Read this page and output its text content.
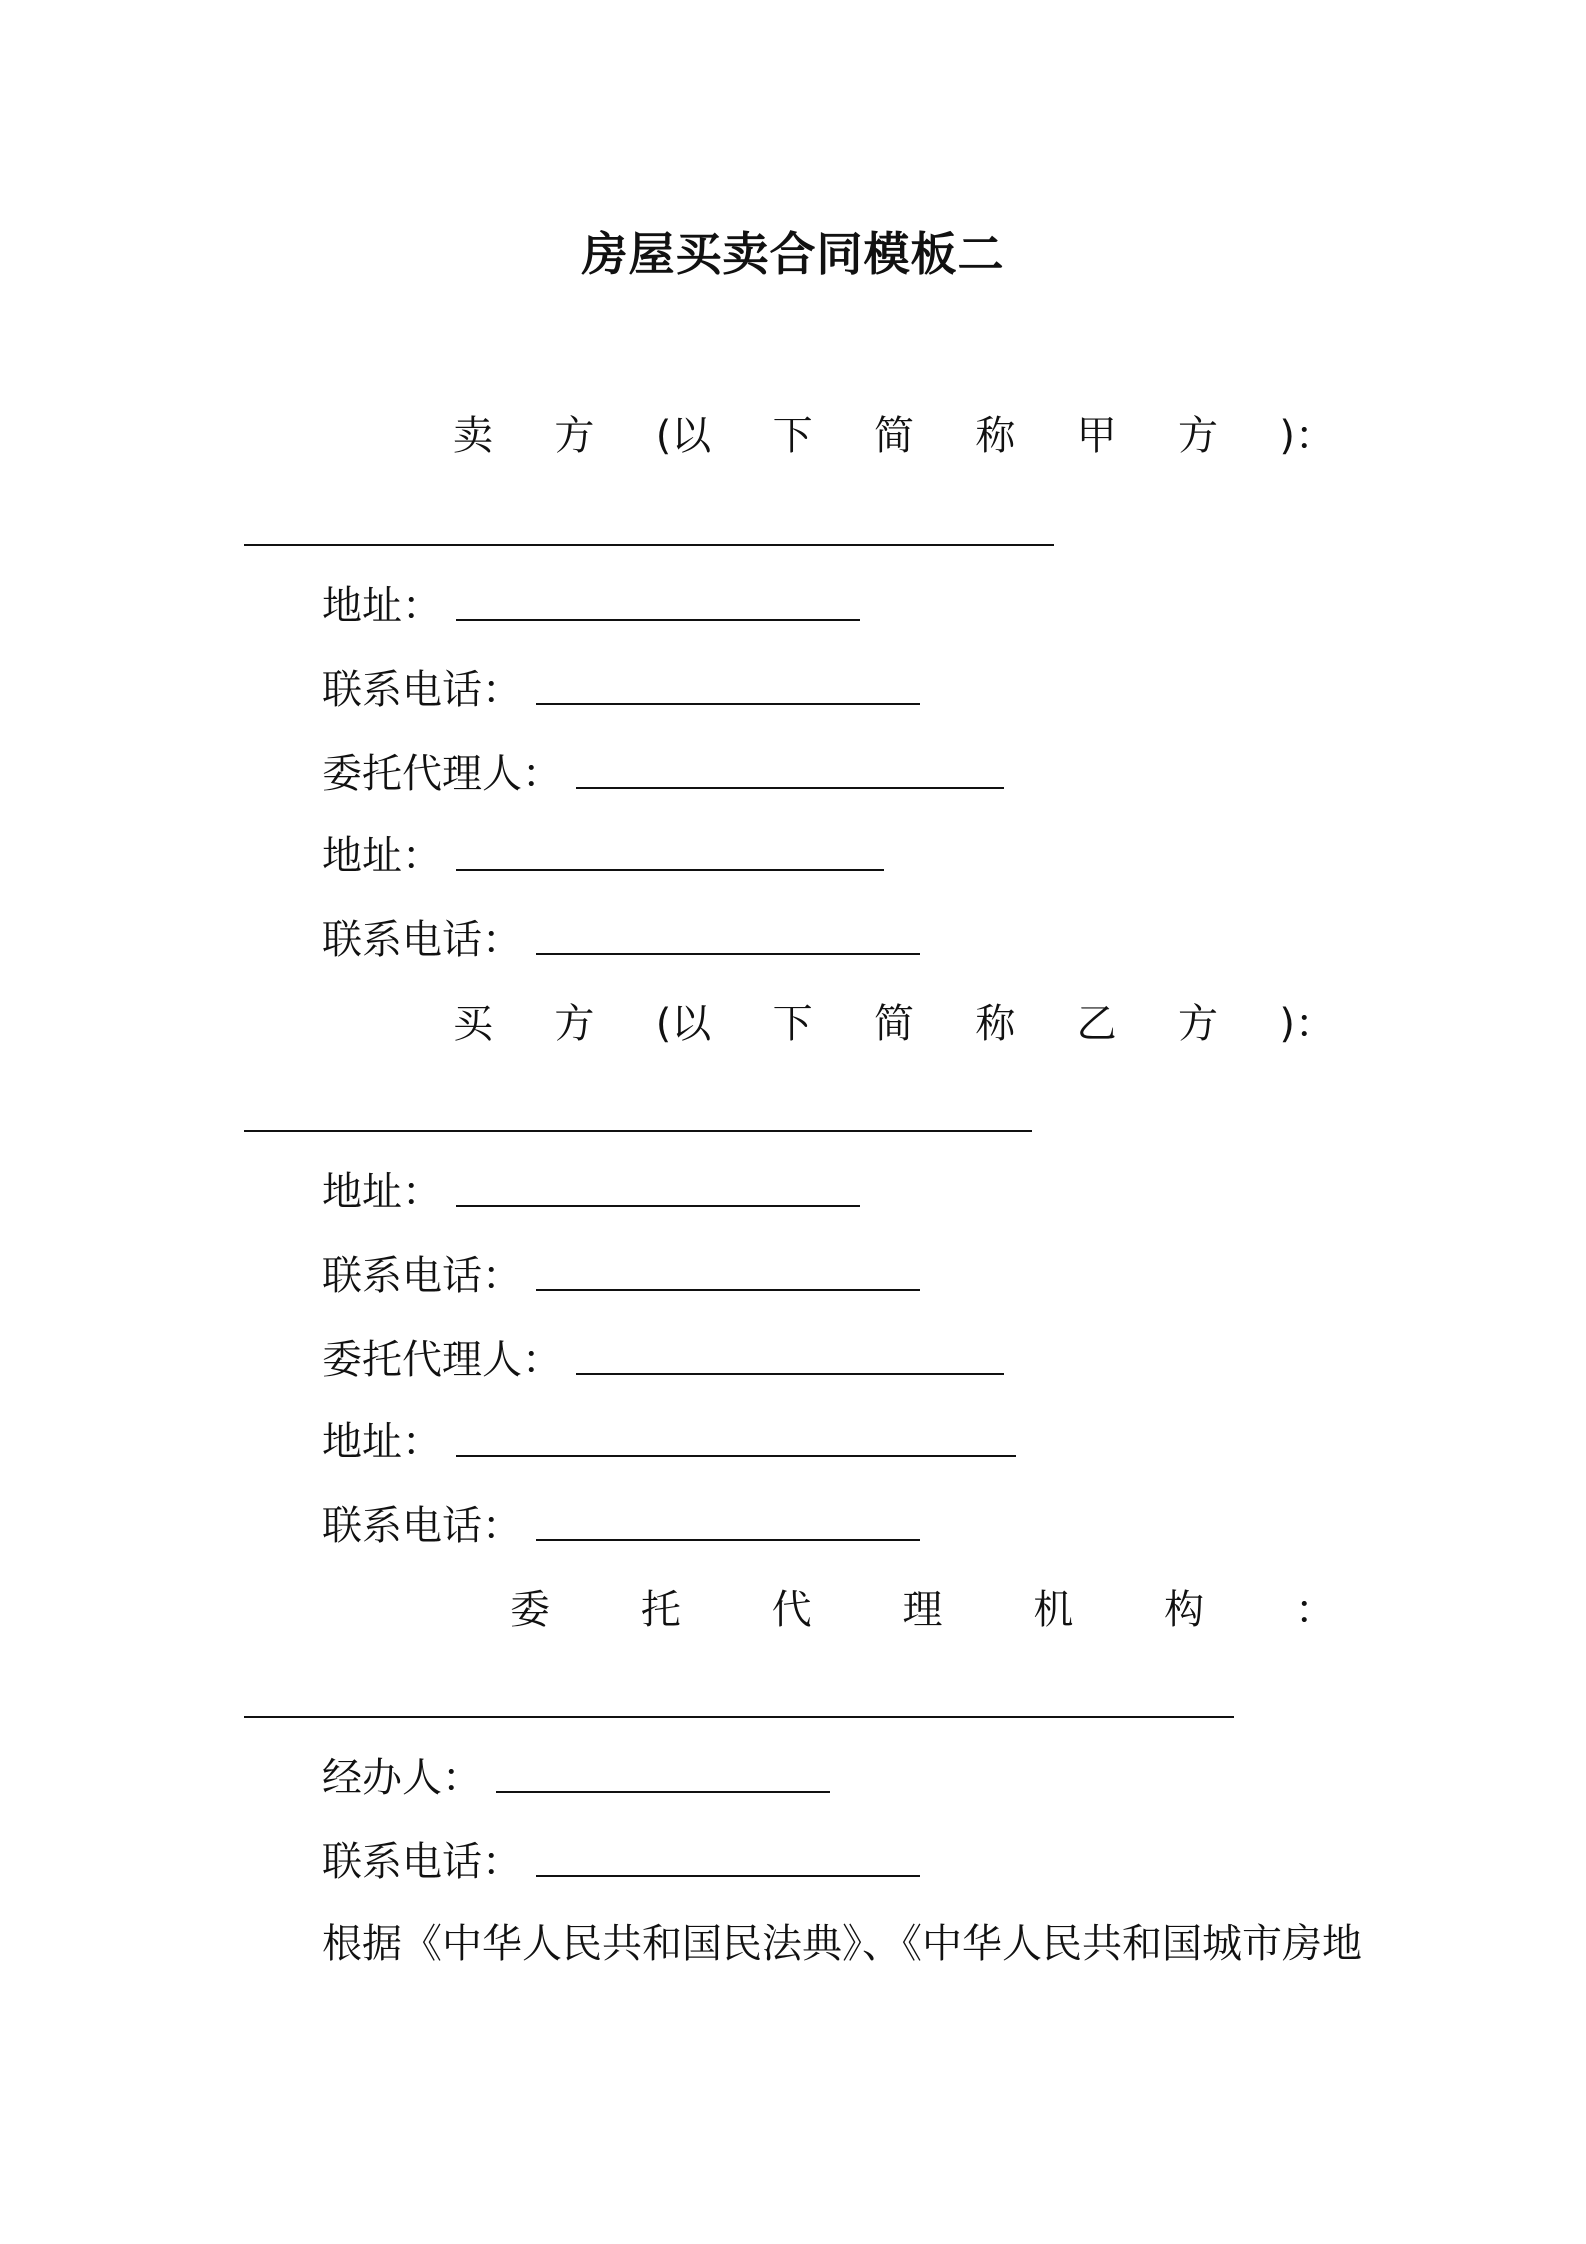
房屋买卖合同模板二
卖 方 (以 下 简 称 甲 方 )：
地址：
联系电话：
委托代理人：
地址：
联系电话：
买 方 (以 下 简 称 乙 方 )：
地址：
联系电话：
委托代理人：
地址：
联系电话：
委 托 代 理 机 构 ：
经办人：
联系电话：
根据《中华人民共和国民法典》、《中华人民共和国城市房地
